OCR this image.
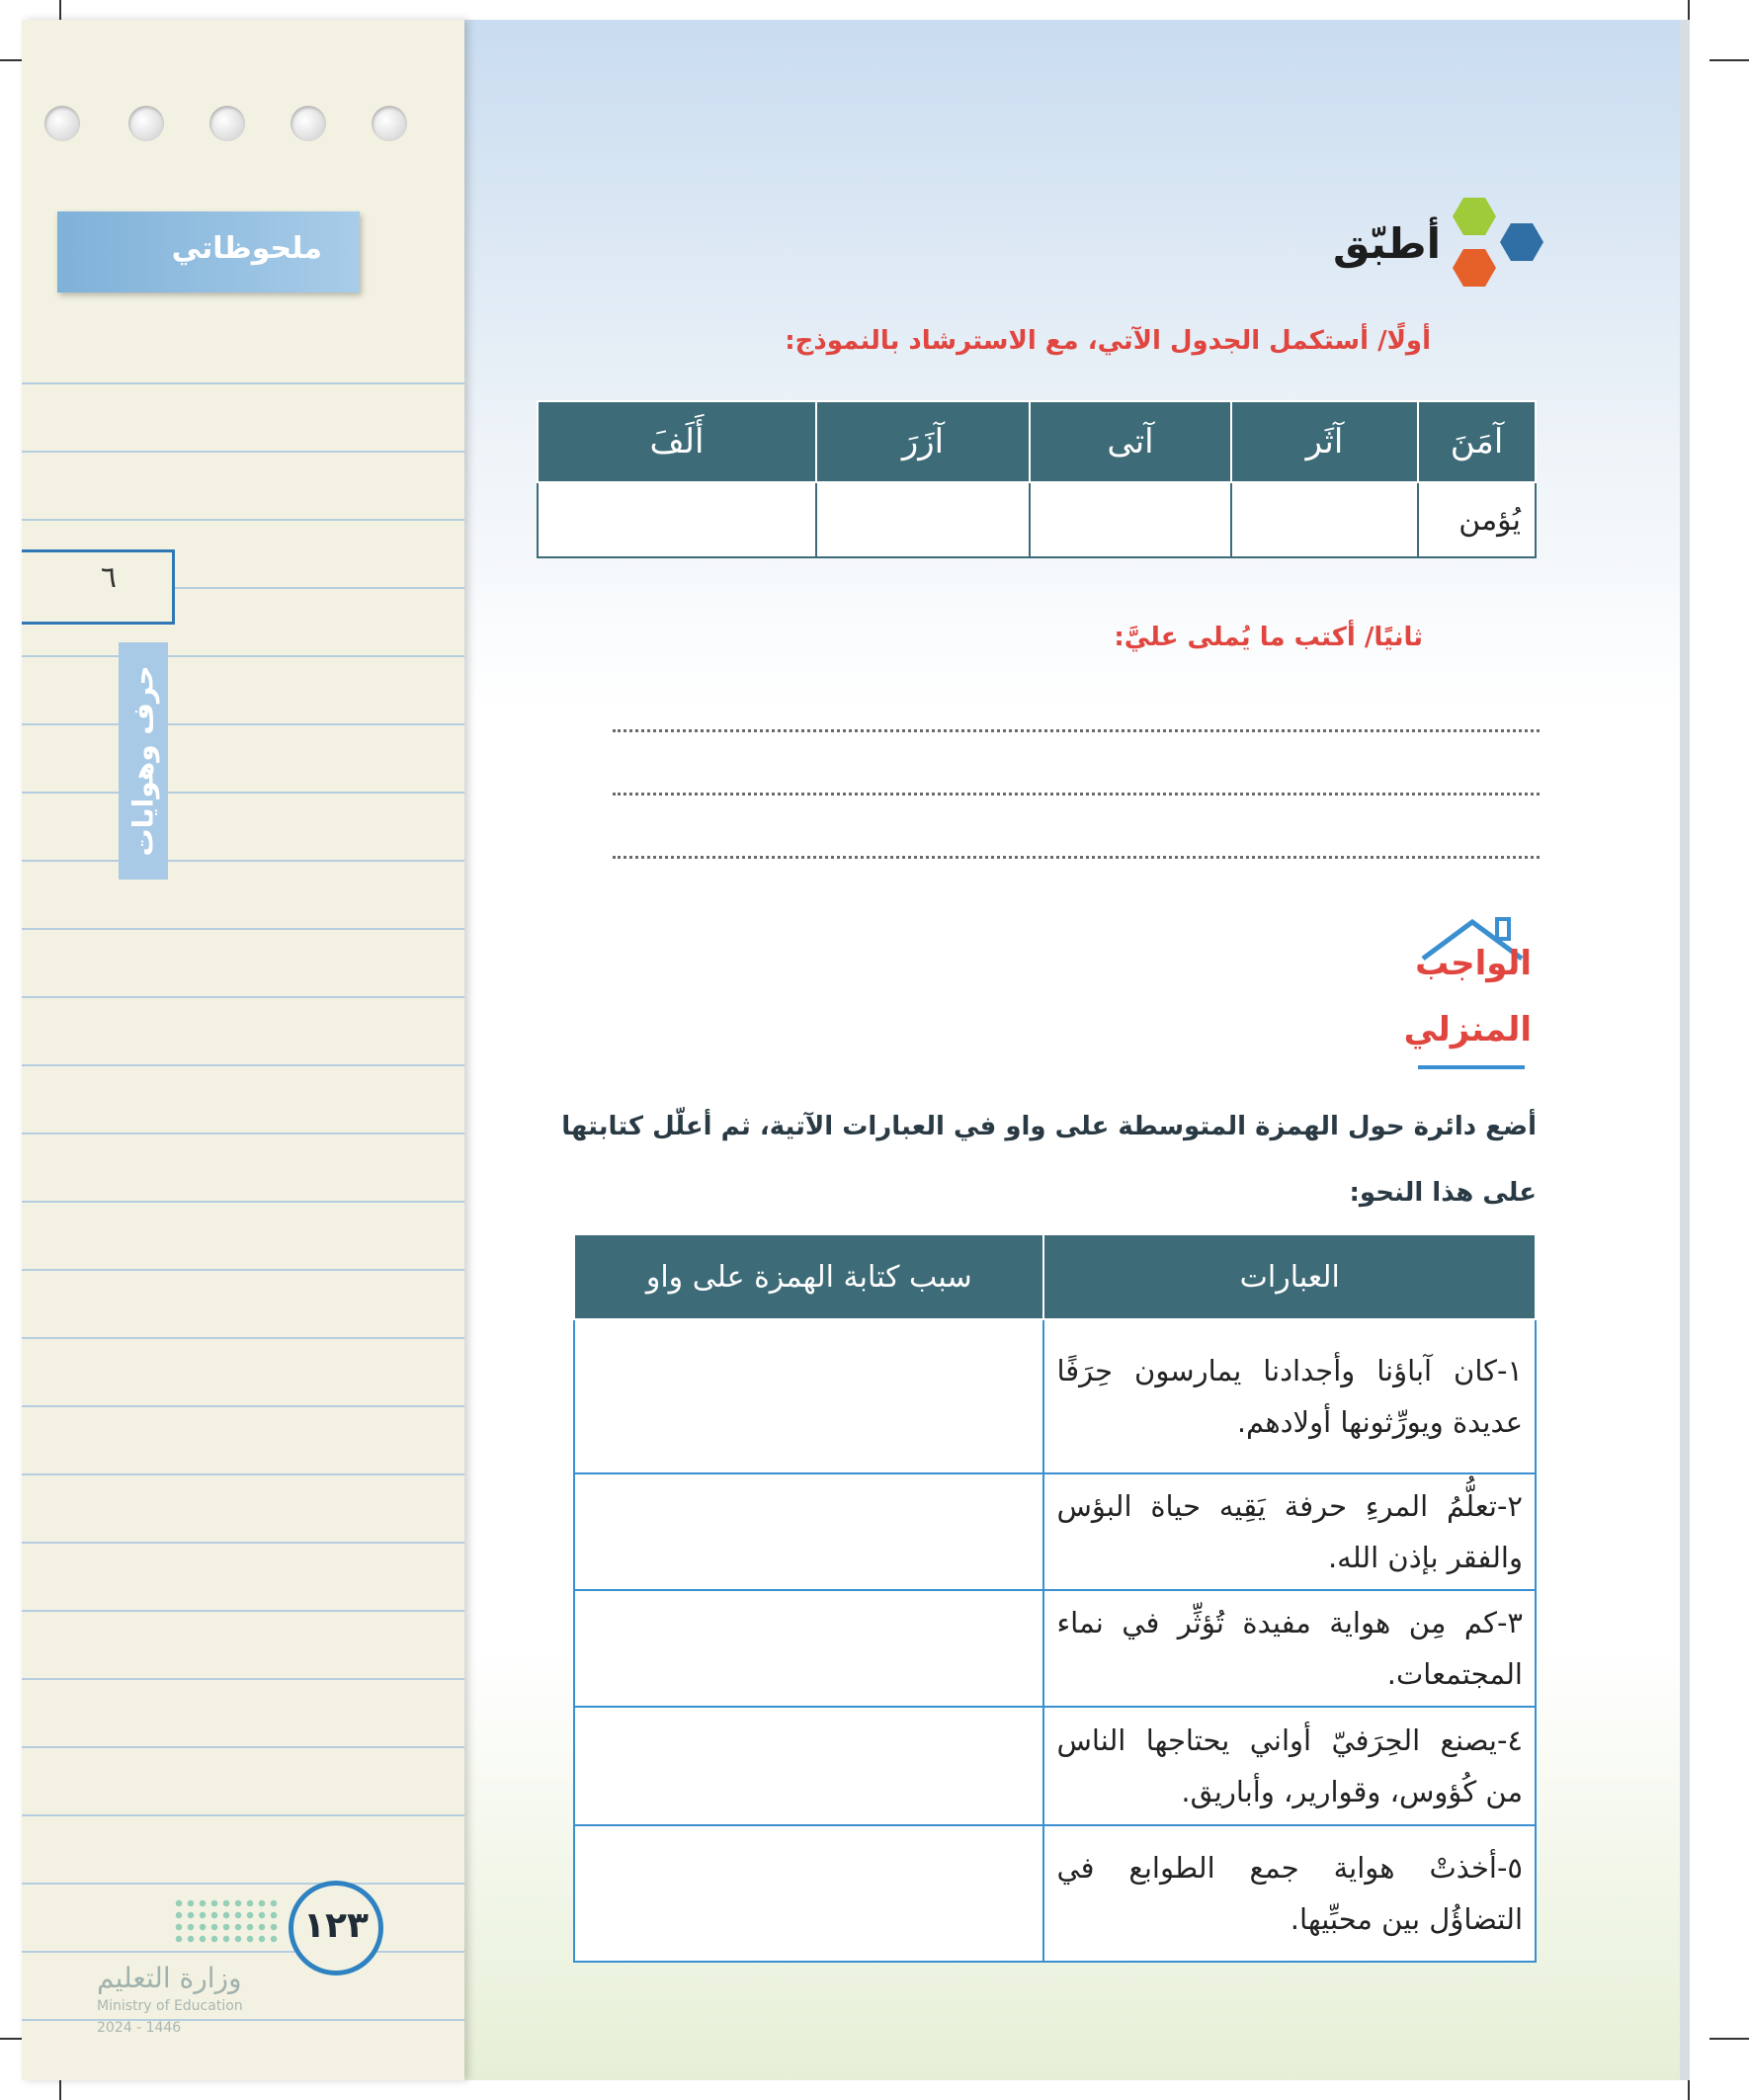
ملحوظاتي
٦
حرف وهوايات
١٢٣
وزارة التعليم
Ministry of Education
2024 - 1446
أطبّق
أولًا/ أستكمل الجدول الآتي، مع الاسترشاد بالنموذج:
آمَنَ	آثَر	آتى	آزَرَ	أَلَفَ
يُؤمن				
ثانيًا/ أكتب ما يُملى عليَّ:
الواجب
المنزلي
أضع دائرة حول الهمزة المتوسطة على واو في العبارات الآتية، ثم أعلّل كتابتها
على هذا النحو:
العبارات	سبب كتابة الهمزة على واو
١-كان آباؤنا وأجدادنا يمارسون حِرَفًا عديدة ويورِّثونها أولادهم.	
٢-تعلُّمُ المرءِ حرفة يَقِيه حياة البؤس والفقر بإذن الله.	
٣-كم مِن هواية مفيدة تُؤثِّر في نماء المجتمعات.	
٤-يصنع الحِرَفيّ أواني يحتاجها الناس من كُؤوس، وقوارير، وأباريق.	
٥-أخذتْ هواية جمع الطوابع في التضاؤُل بين محبِّيها.	
